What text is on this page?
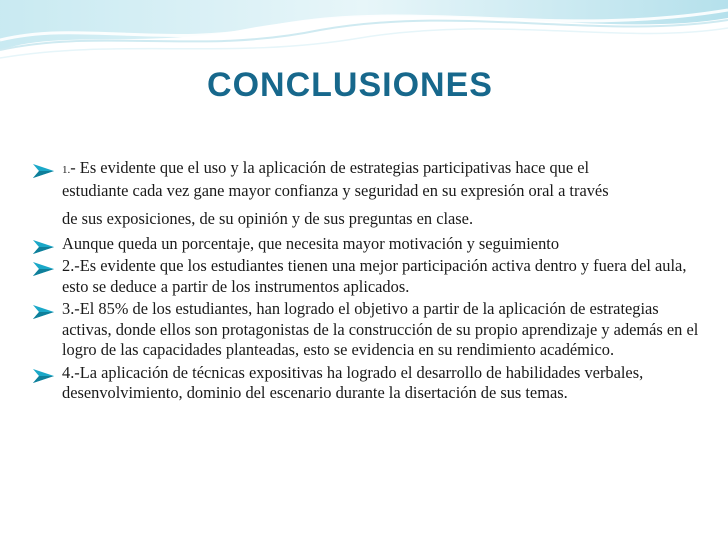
CONCLUSIONES
1.- Es evidente que el uso y la aplicación de estrategias participativas hace que el
estudiante cada vez gane mayor confianza y seguridad en su expresión oral a través

de sus exposiciones, de su opinión y de sus preguntas en clase.
Aunque queda un porcentaje, que necesita mayor motivación y seguimiento
2.-Es evidente que los estudiantes tienen una mejor participación activa dentro y fuera del aula, esto se deduce a partir de los instrumentos aplicados.
3.-El 85% de los estudiantes, han logrado el objetivo a partir de la aplicación de estrategias activas, donde ellos son protagonistas de la construcción de su propio aprendizaje y además en el logro de las capacidades planteadas, esto se evidencia en su rendimiento académico.
4.-La aplicación de técnicas expositivas ha logrado el desarrollo de habilidades verbales, desenvolvimiento, dominio del escenario durante la disertación de sus temas.
